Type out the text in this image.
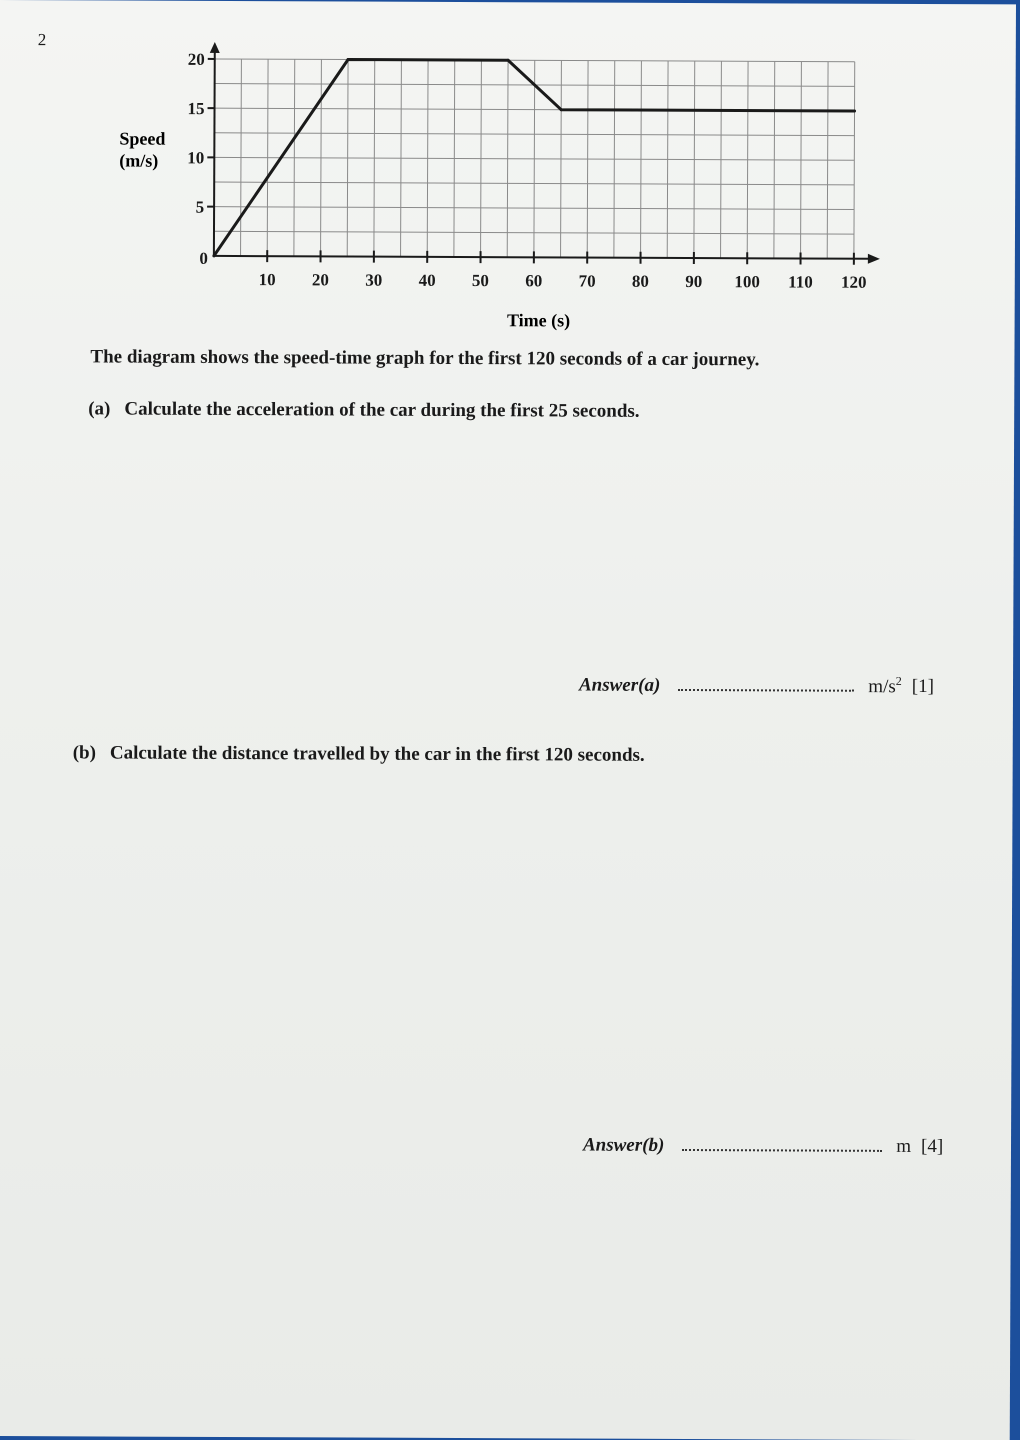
2
10 20 30 40 50 60 70 80 90 100 110 120
0
5
10
15
20
Speed
(m/s)
Time (s)
The diagram shows the speed-time graph for the first 120 seconds of a car journey.
(a) Calculate the acceleration of the car during the first 25 seconds.
Answer(a)	$m/s^2$ [1]
(b) Calculate the distance travelled by the car in the first 120 seconds.
Answer(b)	m [4]
